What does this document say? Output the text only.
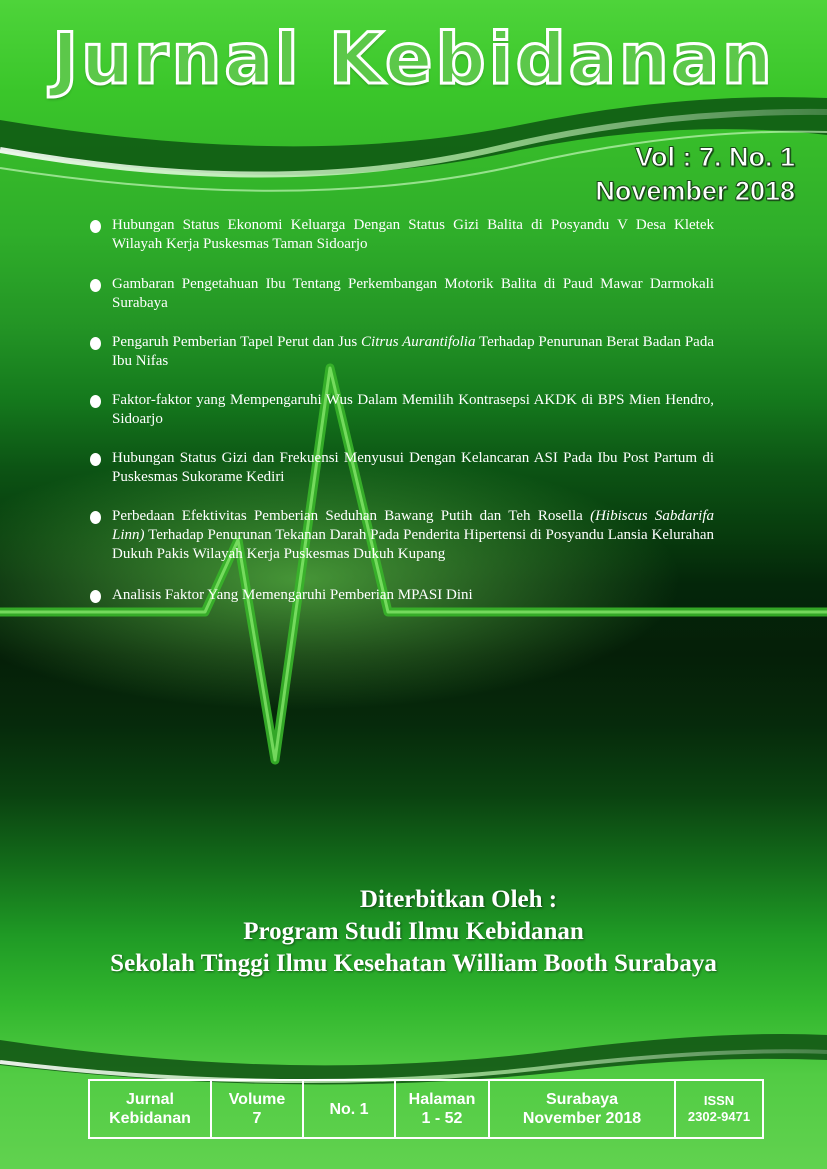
Jurnal Kebidanan
Vol : 7. No. 1
November 2018
Hubungan Status Ekonomi Keluarga Dengan Status Gizi Balita di Posyandu V Desa Kletek Wilayah Kerja Puskesmas Taman Sidoarjo
Gambaran Pengetahuan Ibu Tentang Perkembangan Motorik Balita di Paud Mawar Darmokali Surabaya
Pengaruh Pemberian Tapel Perut dan Jus Citrus Aurantifolia Terhadap Penurunan Berat Badan Pada Ibu Nifas
Faktor-faktor yang Mempengaruhi Wus Dalam Memilih Kontrasepsi AKDK di BPS Mien Hendro, Sidoarjo
Hubungan Status Gizi dan Frekuensi Menyusui Dengan Kelancaran ASI Pada Ibu Post Partum di Puskesmas Sukorame Kediri
Perbedaan Efektivitas Pemberian Seduhan Bawang Putih dan Teh Rosella (Hibiscus Sabdarifa Linn) Terhadap Penurunan Tekanan Darah Pada Penderita Hipertensi di Posyandu Lansia Kelurahan Dukuh Pakis Wilayah Kerja Puskesmas Dukuh Kupang
Analisis Faktor Yang Memengaruhi Pemberian MPASI Dini
Diterbitkan Oleh :
Program Studi Ilmu Kebidanan
Sekolah Tinggi Ilmu Kesehatan William Booth Surabaya
Jurnal
Kebidanan
Volume
7
No. 1
Halaman
1 - 52
Surabaya
November 2018
ISSN
2302-9471
